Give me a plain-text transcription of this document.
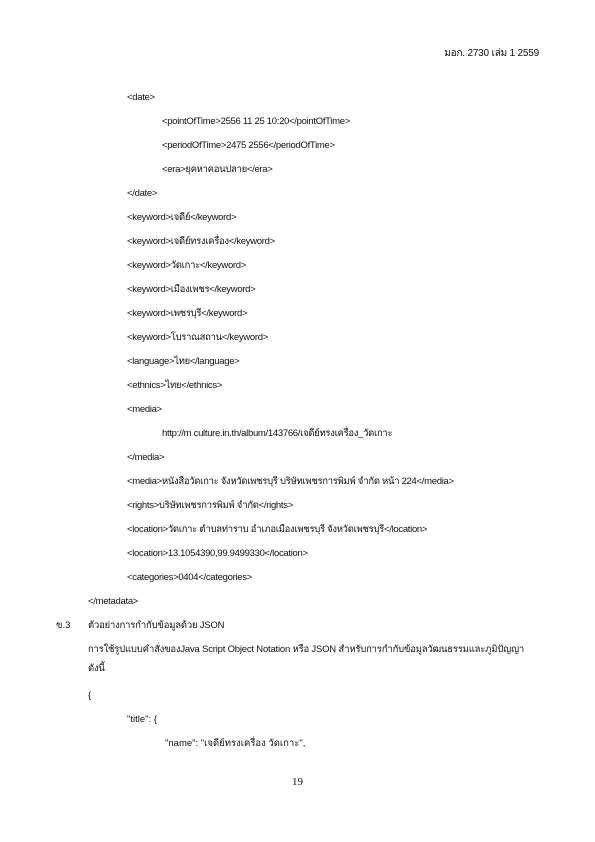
มอก. 2730 เล่ม 1 2559
<date>
<pointOfTime>2556 11 25 10:20</pointOfTime>
<periodOfTime>2475 2556</periodOfTime>
<era>ยุคหาคอนปลาย</era>
</date>
<keyword>เจดีย์</keyword>
<keyword>เจดีย์ทรงเครื่อง</keyword>
<keyword>วัดเกาะ</keyword>
<keyword>เมืองเพชร</keyword>
<keyword>เพชรบุรี</keyword>
<keyword>โบราณสถาน</keyword>
<language>ไทย</language>
<ethnics>ไทย</ethnics>
<media>
http://m culture.in.th/album/143766/เจดีย์ทรงเครื่อง_วัดเกาะ
</media>
<media>หนังสือวัดเกาะ จังหวัดเพชรบุรี บริษัทเพชรการพิมพ์ จำกัด หน้า 224</media>
<rights>บริษัทเพชรการพิมพ์ จำกัด</rights>
<location>วัดเกาะ ตำบลท่าราบ อำเภอเมืองเพชรบุรี จังหวัดเพชรบุรี</location>
<location>13.1054390,99.9499330</location>
<categories>0404</categories>
</metadata>
ข.3 ตัวอย่างการกำกับข้อมูลด้วย JSON
การใช้รูปแบบคำสั่งของJava Script Object Notation หรือ JSON สำหรับการกำกับข้อมูลวัฒนธรรมและภูมิปัญญา ดังนี้
{
"title": {
"name": "เจดีย์ทรงเครื่อง วัดเกาะ",
19
